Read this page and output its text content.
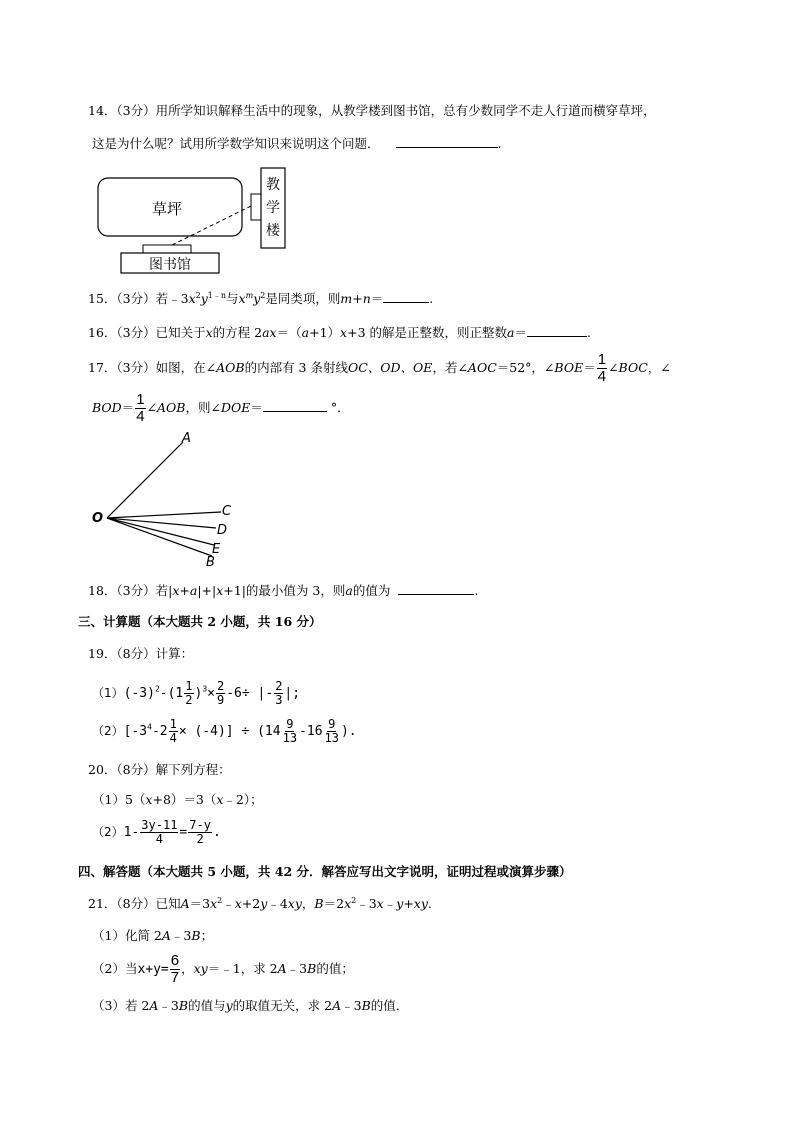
14．（3分）用所学知识解释生活中的现象，从教学楼到图书馆，总有少数同学不走人行道而横穿草坪，
这是为什么呢？试用所学数学知识来说明这个问题．	.
草坪
教
学
楼
图书馆
15．（3分）若$﹣3x^2y^{1﹣n}$与$x^my^2$是同类项，则m+n＝	.
16．（3分）已知关于x的方程 2ax＝（a+1）x+3 的解是正整数，则正整数a＝	.
17．（3分）如图，在∠AOB的内部有 3 条射线OC、OD、OE，若∠AOC＝52°，∠BOE＝ $\frac{1}{4}$ ∠BOC，∠
$BOD= \frac{1}{4}$ ∠AOB，则∠DOE＝	°．
O
A
C
D
E
B
18．（3分）若|x+a|+|x+1|的最小值为 3，则a的值为	.
三、计算题（本大题共 2 小题，共 16 分）
19．（8分）计算：
$(1)(-3)^2-(1 \frac{1}{2} )^3\times \frac{2}{9} -6\div$ |- $\frac{2}{3}$ |;
$(2)[-3^4-2 \frac{1}{4} \times (-4)] \div (14 \frac{9}{13} -16 \frac{9}{13}$ ).
20．（8分）解下列方程：
（1）5（x+8）＝3（x﹣2）；
$(2)1- \frac{3y-11}{4} = \frac{7-y}{2}$ .
四、解答题（本大题共 5 小题，共 42 分．解答应写出文字说明，证明过程或演算步骤）
21．（8分）已知$A=3x^2﹣x+2y﹣4xy$，$B=2x^2﹣3x﹣y+xy$.
（1）化简 2A﹣3B；
（2）当$x+y= \frac{6}{7}$ ，xy＝﹣1，求 2A﹣3B的值；
（3）若 2A﹣3B的值与y的取值无关，求 2A﹣3B的值．
